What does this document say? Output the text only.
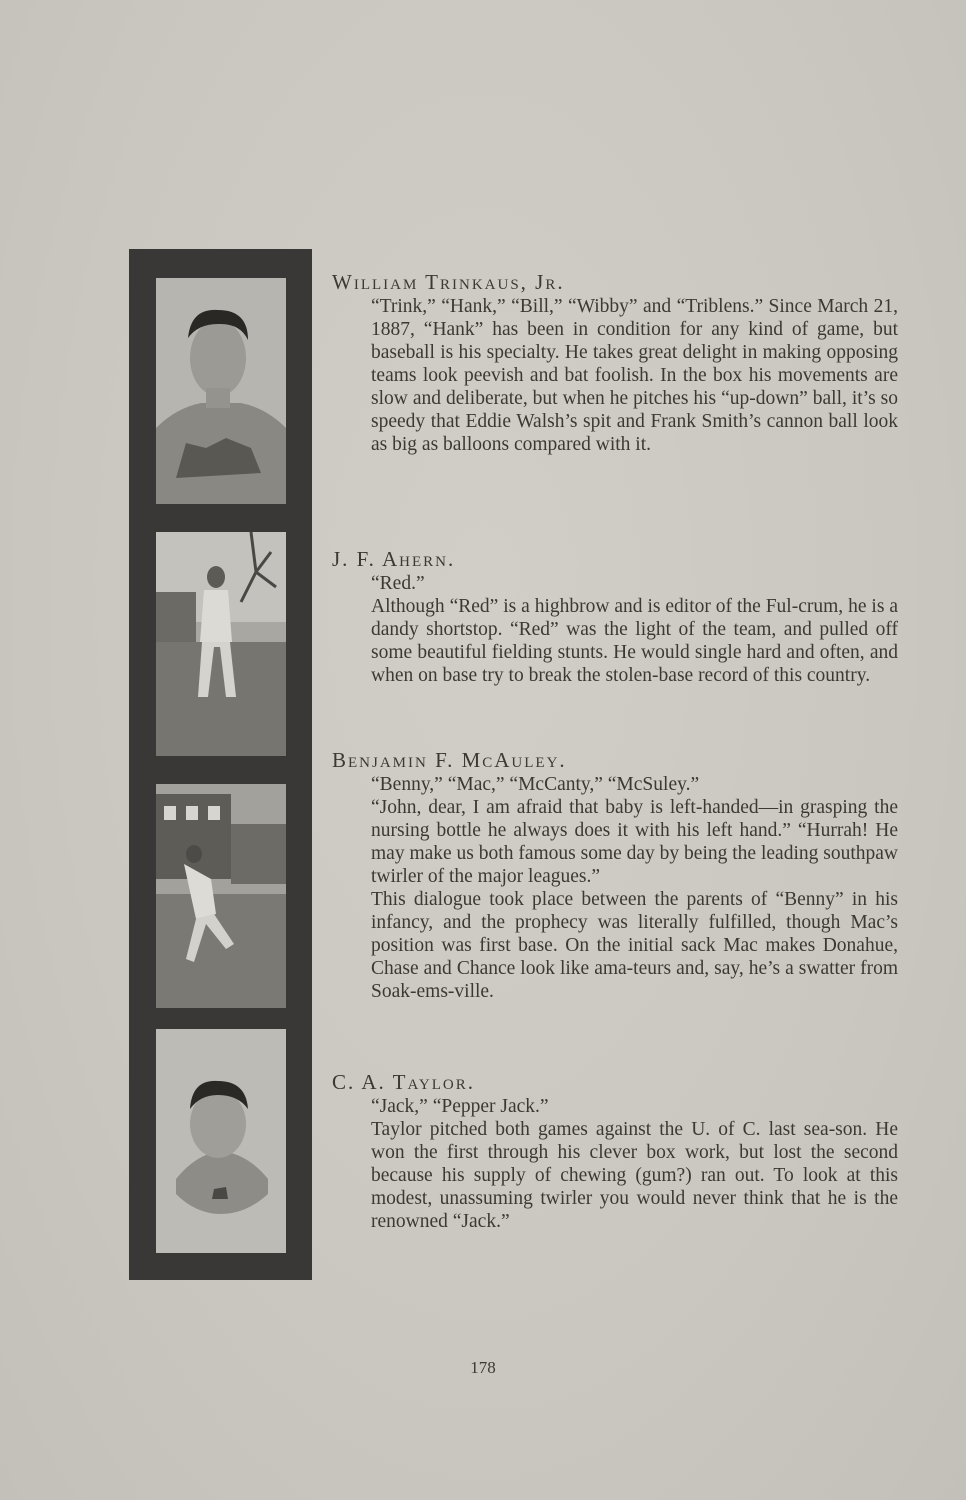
William Trinkaus, Jr.

“Trink,” “Hank,” “Bill,” “Wibby” and “Triblens.” Since March 21, 1887, “Hank” has been in condition for any kind of game, but baseball is his specialty. He takes great delight in making opposing teams look peevish and bat foolish. In the box his movements are slow and deliberate, but when he pitches his “up-down” ball, it’s so speedy that Eddie Walsh’s spit and Frank Smith’s cannon ball look as big as balloons compared with it.

J. F. Ahern.

“Red.”

Although “Red” is a highbrow and is editor of the Ful-crum, he is a dandy shortstop. “Red” was the light of the team, and pulled off some beautiful fielding stunts. He would single hard and often, and when on base try to break the stolen-base record of this country.

Benjamin F. McAuley.

“Benny,” “Mac,” “McCanty,” “McSuley.”

“John, dear, I am afraid that baby is left-handed—in grasping the nursing bottle he always does it with his left hand.” “Hurrah! He may make us both famous some day by being the leading southpaw twirler of the major leagues.”

This dialogue took place between the parents of “Benny” in his infancy, and the prophecy was literally fulfilled, though Mac’s position was first base. On the initial sack Mac makes Donahue, Chase and Chance look like ama-teurs and, say, he’s a swatter from Soak-ems-ville.

C. A. Taylor.

“Jack,” “Pepper Jack.”

Taylor pitched both games against the U. of C. last sea-son. He won the first through his clever box work, but lost the second because his supply of chewing (gum?) ran out. To look at this modest, unassuming twirler you would never think that he is the renowned “Jack.”

178
